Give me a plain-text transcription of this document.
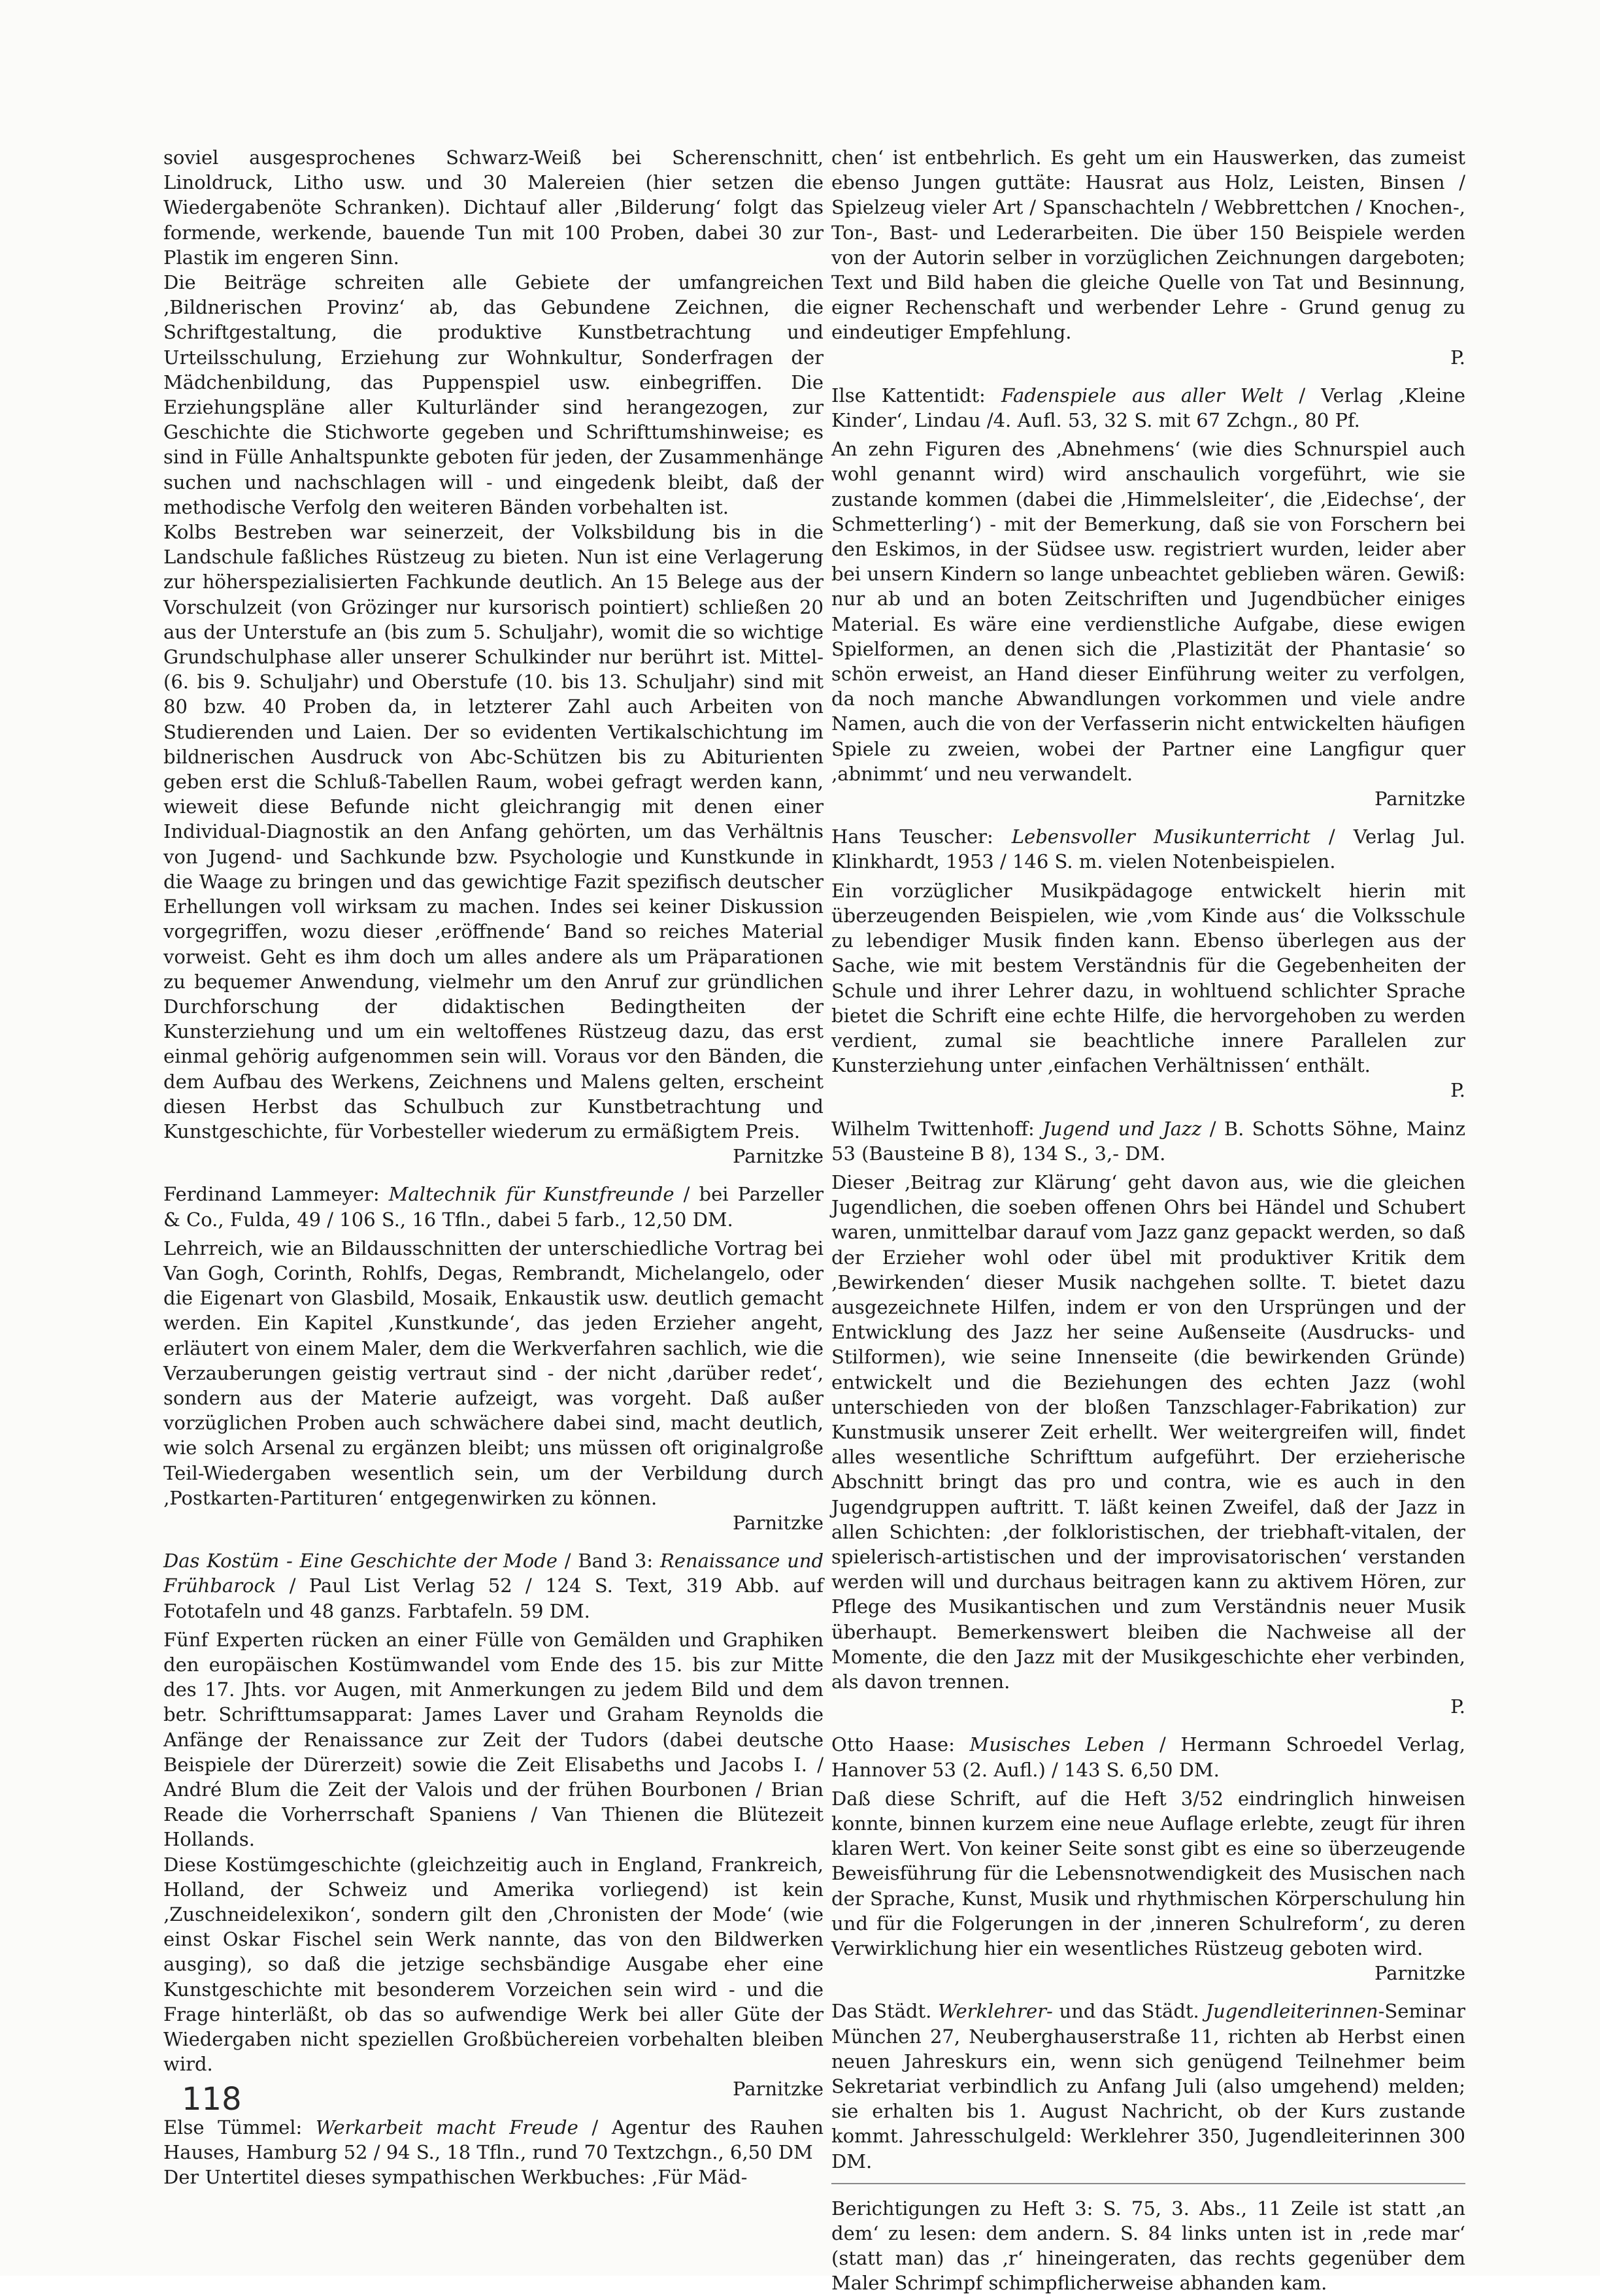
soviel ausgesprochenes Schwarz-Weiß bei Scherenschnitt, Linoldruck, Litho usw. und 30 Malereien (hier setzen die Wiedergabenöte Schranken). Dichtauf aller ‚Bilderung‘ folgt das formende, werkende, bauende Tun mit 100 Proben, dabei 30 zur Plastik im engeren Sinn.

Die Beiträge schreiten alle Gebiete der umfangreichen ‚Bildnerischen Provinz‘ ab, das Gebundene Zeichnen, die Schriftgestaltung, die produktive Kunstbetrachtung und Urteilsschulung, Erziehung zur Wohnkultur, Sonderfragen der Mädchenbildung, das Puppenspiel usw. einbegriffen. Die Erziehungspläne aller Kulturländer sind herangezogen, zur Geschichte die Stichworte gegeben und Schrifttumshinweise; es sind in Fülle Anhaltspunkte geboten für jeden, der Zusammenhänge suchen und nachschlagen will - und eingedenk bleibt, daß der methodische Verfolg den weiteren Bänden vorbehalten ist.

Kolbs Bestreben war seinerzeit, der Volksbildung bis in die Landschule faßliches Rüstzeug zu bieten. Nun ist eine Verlagerung zur höherspezialisierten Fachkunde deutlich. An 15 Belege aus der Vorschulzeit (von Grözinger nur kursorisch pointiert) schließen 20 aus der Unterstufe an (bis zum 5. Schuljahr), womit die so wichtige Grundschulphase aller unserer Schulkinder nur berührt ist. Mittel- (6. bis 9. Schuljahr) und Oberstufe (10. bis 13. Schuljahr) sind mit 80 bzw. 40 Proben da, in letzterer Zahl auch Arbeiten von Studierenden und Laien. Der so evidenten Vertikalschichtung im bildnerischen Ausdruck von Abc-Schützen bis zu Abiturienten geben erst die Schluß-Tabellen Raum, wobei gefragt werden kann, wieweit diese Befunde nicht gleichrangig mit denen einer Individual-Diagnostik an den Anfang gehörten, um das Verhältnis von Jugend- und Sachkunde bzw. Psychologie und Kunstkunde in die Waage zu bringen und das gewichtige Fazit spezifisch deutscher Erhellungen voll wirksam zu machen. Indes sei keiner Diskussion vorgegriffen, wozu dieser ‚eröffnende‘ Band so reiches Material vorweist. Geht es ihm doch um alles andere als um Präparationen zu bequemer Anwendung, vielmehr um den Anruf zur gründlichen Durchforschung der didaktischen Bedingtheiten der Kunsterziehung und um ein weltoffenes Rüstzeug dazu, das erst einmal gehörig aufgenommen sein will. Voraus vor den Bänden, die dem Aufbau des Werkens, Zeichnens und Malens gelten, erscheint diesen Herbst das Schulbuch zur Kunstbetrachtung und Kunstgeschichte, für Vorbesteller wiederum zu ermäßigtem Preis.

Parnitzke

Ferdinand Lammeyer: Maltechnik für Kunstfreunde / bei Parzeller & Co., Fulda, 49 / 106 S., 16 Tfln., dabei 5 farb., 12,50 DM.

Lehrreich, wie an Bildausschnitten der unterschiedliche Vortrag bei Van Gogh, Corinth, Rohlfs, Degas, Rembrandt, Michelangelo, oder die Eigenart von Glasbild, Mosaik, Enkaustik usw. deutlich gemacht werden. Ein Kapitel ‚Kunstkunde‘, das jeden Erzieher angeht, erläutert von einem Maler, dem die Werkverfahren sachlich, wie die Verzauberungen geistig vertraut sind - der nicht ‚darüber redet‘, sondern aus der Materie aufzeigt, was vorgeht. Daß außer vorzüglichen Proben auch schwächere dabei sind, macht deutlich, wie solch Arsenal zu ergänzen bleibt; uns müssen oft originalgroße Teil-Wiedergaben wesentlich sein, um der Verbildung durch ‚Postkarten-Partituren‘ entgegenwirken zu können.

Parnitzke

Das Kostüm - Eine Geschichte der Mode / Band 3: Renaissance und Frühbarock / Paul List Verlag 52 / 124 S. Text, 319 Abb. auf Fototafeln und 48 ganzs. Farbtafeln. 59 DM.

Fünf Experten rücken an einer Fülle von Gemälden und Graphiken den europäischen Kostümwandel vom Ende des 15. bis zur Mitte des 17. Jhts. vor Augen, mit Anmerkungen zu jedem Bild und dem betr. Schrifttumsapparat: James Laver und Graham Reynolds die Anfänge der Renaissance zur Zeit der Tudors (dabei deutsche Beispiele der Dürerzeit) sowie die Zeit Elisabeths und Jacobs I. / André Blum die Zeit der Valois und der frühen Bourbonen / Brian Reade die Vorherrschaft Spaniens / Van Thienen die Blütezeit Hollands.

Diese Kostümgeschichte (gleichzeitig auch in England, Frankreich, Holland, der Schweiz und Amerika vorliegend) ist kein ‚Zuschneidelexikon‘, sondern gilt den ‚Chronisten der Mode‘ (wie einst Oskar Fischel sein Werk nannte, das von den Bildwerken ausging), so daß die jetzige sechsbändige Ausgabe eher eine Kunstgeschichte mit besonderem Vorzeichen sein wird - und die Frage hinterläßt, ob das so aufwendige Werk bei aller Güte der Wiedergaben nicht speziellen Großbüchereien vorbehalten bleiben wird.

Parnitzke

Else Tümmel: Werkarbeit macht Freude / Agentur des Rauhen Hauses, Hamburg 52 / 94 S., 18 Tfln., rund 70 Textzchgn., 6,50 DM

Der Untertitel dieses sympathischen Werkbuches: ‚Für Mäd-

chen‘ ist entbehrlich. Es geht um ein Hauswerken, das zumeist ebenso Jungen guttäte: Hausrat aus Holz, Leisten, Binsen / Spielzeug vieler Art / Spanschachteln / Webbrettchen / Knochen-, Ton-, Bast- und Lederarbeiten. Die über 150 Beispiele werden von der Autorin selber in vorzüglichen Zeichnungen dargeboten; Text und Bild haben die gleiche Quelle von Tat und Besinnung, eigner Rechenschaft und werbender Lehre - Grund genug zu eindeutiger Empfehlung.

P.

Ilse Kattentidt: Fadenspiele aus aller Welt / Verlag ‚Kleine Kinder‘, Lindau /4. Aufl. 53, 32 S. mit 67 Zchgn., 80 Pf.

An zehn Figuren des ‚Abnehmens‘ (wie dies Schnurspiel auch wohl genannt wird) wird anschaulich vorgeführt, wie sie zustande kommen (dabei die ‚Himmelsleiter‘, die ‚Eidechse‘, der Schmetterling‘) - mit der Bemerkung, daß sie von Forschern bei den Eskimos, in der Südsee usw. registriert wurden, leider aber bei unsern Kindern so lange unbeachtet geblieben wären. Gewiß: nur ab und an boten Zeitschriften und Jugendbücher einiges Material. Es wäre eine verdienstliche Aufgabe, diese ewigen Spielformen, an denen sich die ‚Plastizität der Phantasie‘ so schön erweist, an Hand dieser Einführung weiter zu verfolgen, da noch manche Abwandlungen vorkommen und viele andre Namen, auch die von der Verfasserin nicht entwickelten häufigen Spiele zu zweien, wobei der Partner eine Langfigur quer ‚abnimmt‘ und neu verwandelt.

Parnitzke

Hans Teuscher: Lebensvoller Musikunterricht / Verlag Jul. Klinkhardt, 1953 / 146 S. m. vielen Notenbeispielen.

Ein vorzüglicher Musikpädagoge entwickelt hierin mit überzeugenden Beispielen, wie ‚vom Kinde aus‘ die Volksschule zu lebendiger Musik finden kann. Ebenso überlegen aus der Sache, wie mit bestem Verständnis für die Gegebenheiten der Schule und ihrer Lehrer dazu, in wohltuend schlichter Sprache bietet die Schrift eine echte Hilfe, die hervorgehoben zu werden verdient, zumal sie beachtliche innere Parallelen zur Kunsterziehung unter ‚einfachen Verhältnissen‘ enthält.

P.

Wilhelm Twittenhoff: Jugend und Jazz / B. Schotts Söhne, Mainz 53 (Bausteine B 8), 134 S., 3,- DM.

Dieser ‚Beitrag zur Klärung‘ geht davon aus, wie die gleichen Jugendlichen, die soeben offenen Ohrs bei Händel und Schubert waren, unmittelbar darauf vom Jazz ganz gepackt werden, so daß der Erzieher wohl oder übel mit produktiver Kritik dem ‚Bewirkenden‘ dieser Musik nachgehen sollte. T. bietet dazu ausgezeichnete Hilfen, indem er von den Ursprüngen und der Entwicklung des Jazz her seine Außenseite (Ausdrucks- und Stilformen), wie seine Innenseite (die bewirkenden Gründe) entwickelt und die Beziehungen des echten Jazz (wohl unterschieden von der bloßen Tanzschlager-Fabrikation) zur Kunstmusik unserer Zeit erhellt. Wer weitergreifen will, findet alles wesentliche Schrifttum aufgeführt. Der erzieherische Abschnitt bringt das pro und contra, wie es auch in den Jugendgruppen auftritt. T. läßt keinen Zweifel, daß der Jazz in allen Schichten: ‚der folkloristischen, der triebhaft-vitalen, der spielerisch-artistischen und der improvisatorischen‘ verstanden werden will und durchaus beitragen kann zu aktivem Hören, zur Pflege des Musikantischen und zum Verständnis neuer Musik überhaupt. Bemerkenswert bleiben die Nachweise all der Momente, die den Jazz mit der Musikgeschichte eher verbinden, als davon trennen.

P.

Otto Haase: Musisches Leben / Hermann Schroedel Verlag, Hannover 53 (2. Aufl.) / 143 S. 6,50 DM.

Daß diese Schrift, auf die Heft 3/52 eindringlich hinweisen konnte, binnen kurzem eine neue Auflage erlebte, zeugt für ihren klaren Wert. Von keiner Seite sonst gibt es eine so überzeugende Beweisführung für die Lebensnotwendigkeit des Musischen nach der Sprache, Kunst, Musik und rhythmischen Körperschulung hin und für die Folgerungen in der ‚inneren Schulreform‘, zu deren Verwirklichung hier ein wesentliches Rüstzeug geboten wird.

Parnitzke

Das Städt. Werklehrer- und das Städt. Jugendleiterinnen-Seminar München 27, Neuberghauserstraße 11, richten ab Herbst einen neuen Jahreskurs ein, wenn sich genügend Teilnehmer beim Sekretariat verbindlich zu Anfang Juli (also umgehend) melden; sie erhalten bis 1. August Nachricht, ob der Kurs zustande kommt. Jahresschulgeld: Werklehrer 350, Jugendleiterinnen 300 DM.

Berichtigungen zu Heft 3: S. 75, 3. Abs., 11 Zeile ist statt ‚an dem‘ zu lesen: dem andern. S. 84 links unten ist in ‚rede mar‘ (statt man) das ‚r‘ hineingeraten, das rechts gegenüber dem Maler Schrimpf schimpflicherweise abhanden kam.

118
